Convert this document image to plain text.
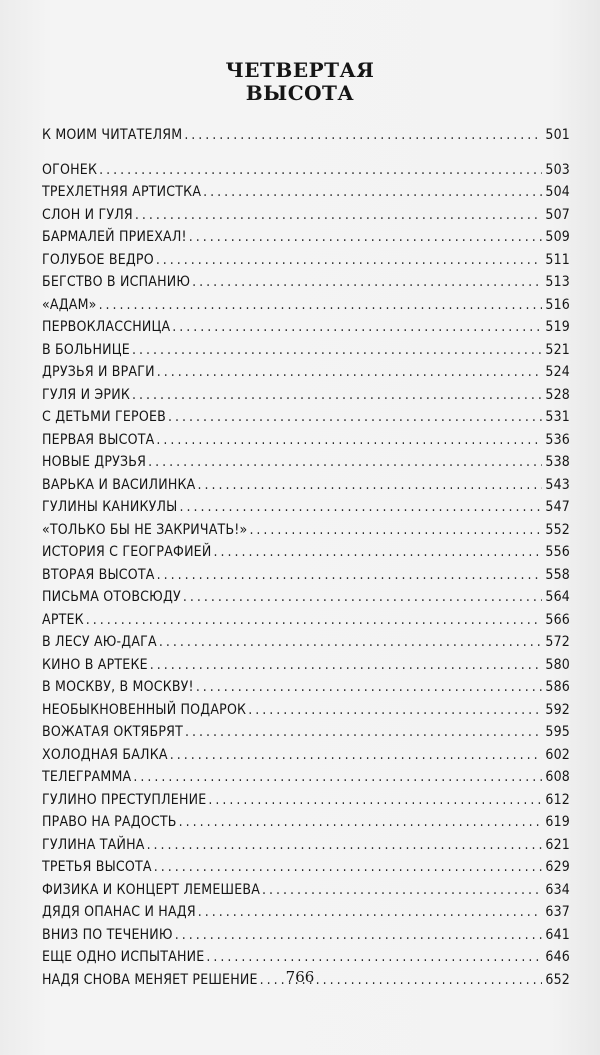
ЧЕТВЕРТАЯ
ВЫСОТА
К МОИМ ЧИТАТЕЛЯМ .....	501
ОГОНЕК .....	503
ТРЕХЛЕТНЯЯ АРТИСТКА .....	504
СЛОН И ГУЛЯ .....	507
БАРМАЛЕЙ ПРИЕХАЛ! .....	509
ГОЛУБОЕ ВЕДРО .....	511
БЕГСТВО В ИСПАНИЮ .....	513
«АДАМ» .....	516
ПЕРВОКЛАССНИЦА .....	519
В БОЛЬНИЦЕ .....	521
ДРУЗЬЯ И ВРАГИ .....	524
ГУЛЯ И ЭРИК .....	528
С ДЕТЬМИ ГЕРОЕВ .....	531
ПЕРВАЯ ВЫСОТА .....	536
НОВЫЕ ДРУЗЬЯ .....	538
ВАРЬКА И ВАСИЛИНКА .....	543
ГУЛИНЫ КАНИКУЛЫ .....	547
«ТОЛЬКО БЫ НЕ ЗАКРИЧАТЬ!» .....	552
ИСТОРИЯ С ГЕОГРАФИЕЙ .....	556
ВТОРАЯ ВЫСОТА .....	558
ПИСЬМА ОТОВСЮДУ .....	564
АРТЕК .....	566
В ЛЕСУ АЮ-ДАГА .....	572
КИНО В АРТЕКЕ .....	580
В МОСКВУ, В МОСКВУ! .....	586
НЕОБЫКНОВЕННЫЙ ПОДАРОК .....	592
ВОЖАТАЯ ОКТЯБРЯТ .....	595
ХОЛОДНАЯ БАЛКА .....	602
ТЕЛЕГРАММА .....	608
ГУЛИНО ПРЕСТУПЛЕНИЕ .....	612
ПРАВО НА РАДОСТЬ .....	619
ГУЛИНА ТАЙНА .....	621
ТРЕТЬЯ ВЫСОТА .....	629
ФИЗИКА И КОНЦЕРТ ЛЕМЕШЕВА .....	634
ДЯДЯ ОПАНАС И НАДЯ .....	637
ВНИЗ ПО ТЕЧЕНИЮ .....	641
ЕЩЕ ОДНО ИСПЫТАНИЕ .....	646
НАДЯ СНОВА МЕНЯЕТ РЕШЕНИЕ .....	652
766
